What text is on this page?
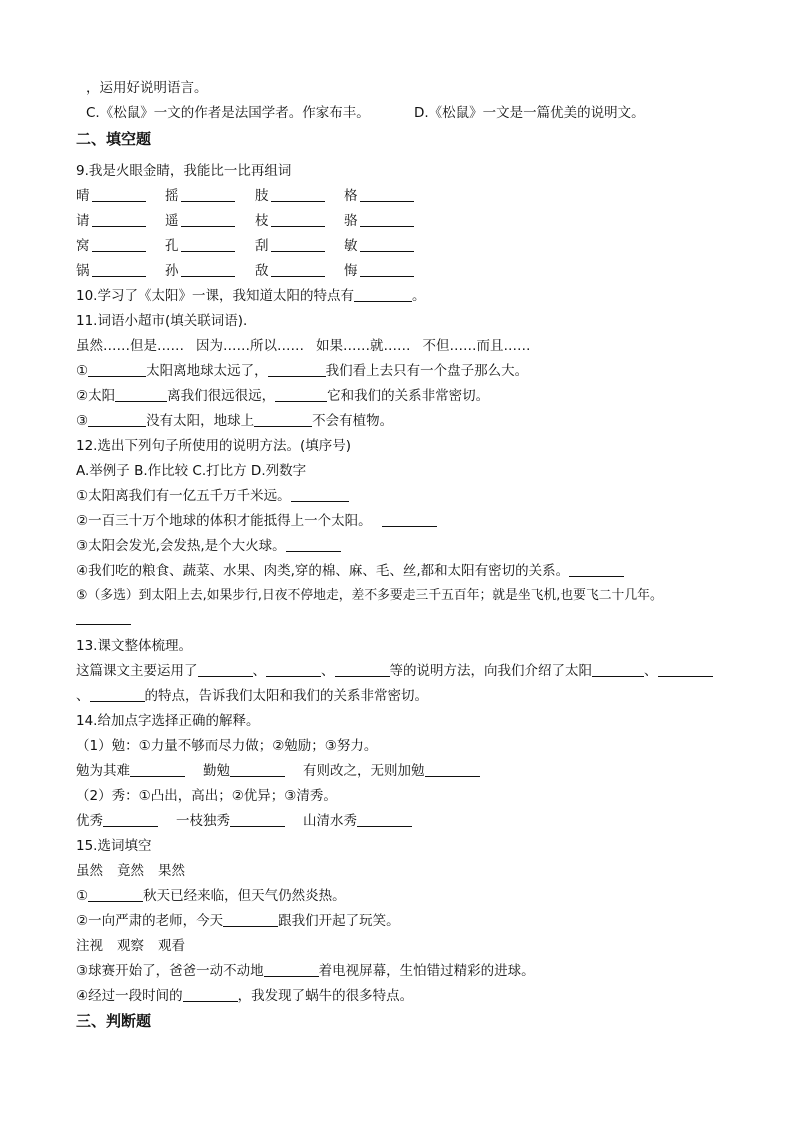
，运用好说明语言。
C.《松鼠》一文的作者是法国学者。作家布丰。	D.《松鼠》一文是一篇优美的说明文。
二、填空题
9.我是火眼金睛，我能比一比再组词
晴	摇	肢	格
请	遥	枝	骆
窝	孔	刮	敏
锅	孙	敌	悔
10.学习了《太阳》一课，我知道太阳的特点有	。
11.词语小超市(填关联词语).
虽然……但是…… 因为……所以…… 如果……就…… 不但……而且……
①	太阳离地球太远了，	我们看上去只有一个盘子那么大。
②太阳	离我们很远很远，	它和我们的关系非常密切。
③	没有太阳，地球上	不会有植物。
12.选出下列句子所使用的说明方法。(填序号)
A.举例子 B.作比较 C.打比方 D.列数字
①太阳离我们有一亿五千万千米远。
②一百三十万个地球的体积才能抵得上一个太阳。
③太阳会发光,会发热,是个大火球。
④我们吃的粮食、蔬菜、水果、肉类,穿的棉、麻、毛、丝,都和太阳有密切的关系。
⑤（多选）到太阳上去,如果步行,日夜不停地走，差不多要走三千五百年；就是坐飞机,也要飞二十几年。
13.课文整体梳理。
这篇课文主要运用了	、	、	等的说明方法，向我们介绍了太阳	、
、	的特点，告诉我们太阳和我们的关系非常密切。
14.给加点字选择正确的解释。
（1）勉：①力量不够而尽力做；②勉励；③努力。
勉为其难	勤勉	有则改之，无则加勉
（2）秀：①凸出，高出；②优异；③清秀。
优秀	一枝独秀	山清水秀
15.选词填空
虽然 竟然 果然
①	秋天已经来临，但天气仍然炎热。
②一向严肃的老师，今天	跟我们开起了玩笑。
注视 观察 观看
③球赛开始了，爸爸一动不动地	着电视屏幕，生怕错过精彩的进球。
④经过一段时间的	，我发现了蜗牛的很多特点。
三、判断题
